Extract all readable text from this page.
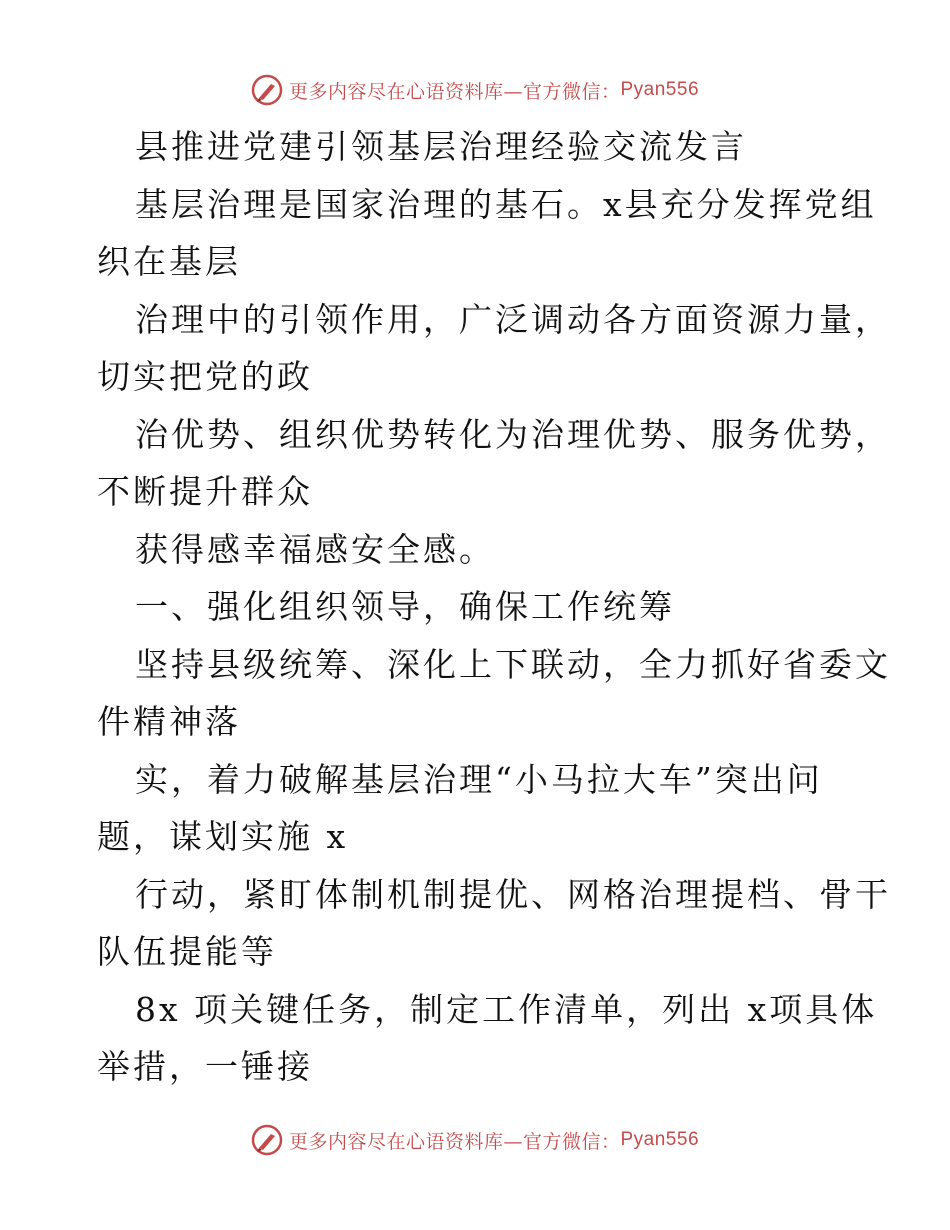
更多内容尽在心语资料库—官方微信： Pyan556
县推进党建引领基层治理经验交流发言
基层治理是国家治理的基石。x县充分发挥党组
织在基层
治理中的引领作用，广泛调动各方面资源力量，
切实把党的政
治优势、组织优势转化为治理优势、服务优势，
不断提升群众
获得感幸福感安全感。
一、强化组织领导，确保工作统筹
坚持县级统筹、深化上下联动，全力抓好省委文
件精神落
实，着力破解基层治理“小马拉大车”突出问
题，谋划实施 x
行动，紧盯体制机制提优、网格治理提档、骨干
队伍提能等
8x 项关键任务，制定工作清单，列出 x项具体
举措，一锤接
更多内容尽在心语资料库—官方微信： Pyan556
